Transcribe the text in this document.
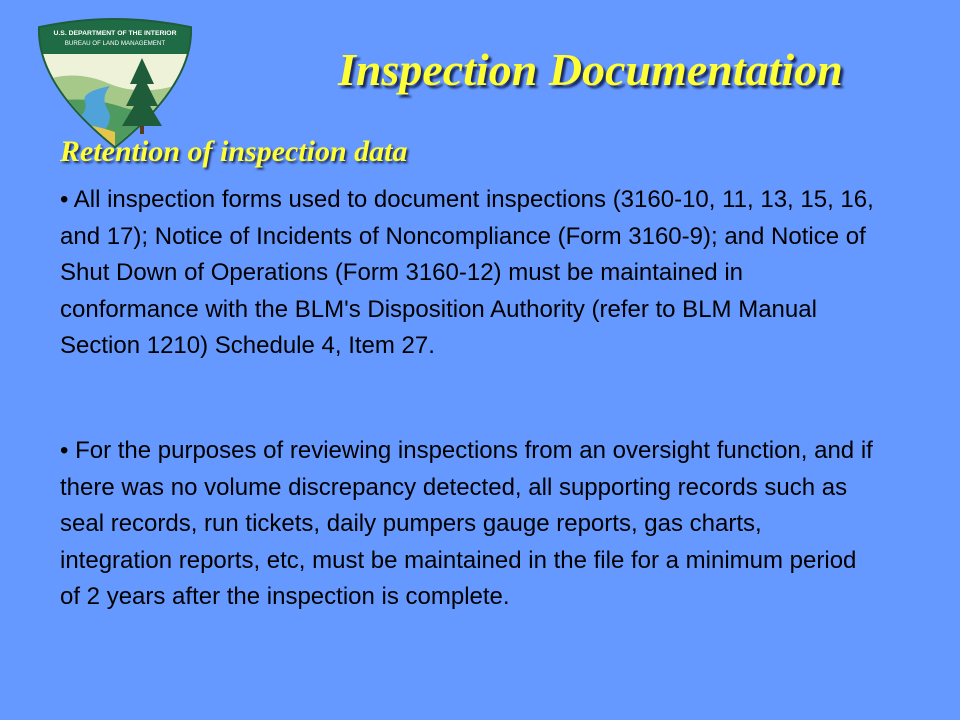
U.S. DEPARTMENT OF THE INTERIOR
BUREAU OF LAND MANAGEMENT
Inspection Documentation
Retention of inspection data

• All inspection forms used to document inspections (3160-10, 11, 13, 15, 16, and 17); Notice of Incidents of Noncompliance (Form 3160-9); and Notice of Shut Down of Operations (Form 3160-12) must be maintained in conformance with the BLM's Disposition Authority (refer to BLM Manual Section 1210) Schedule 4, Item 27.

• For the purposes of reviewing inspections from an oversight function, and if there was no volume discrepancy detected, all supporting records such as seal records, run tickets, daily pumpers gauge reports, gas charts, integration reports, etc, must be maintained in the file for a minimum period of 2 years after the inspection is complete.
